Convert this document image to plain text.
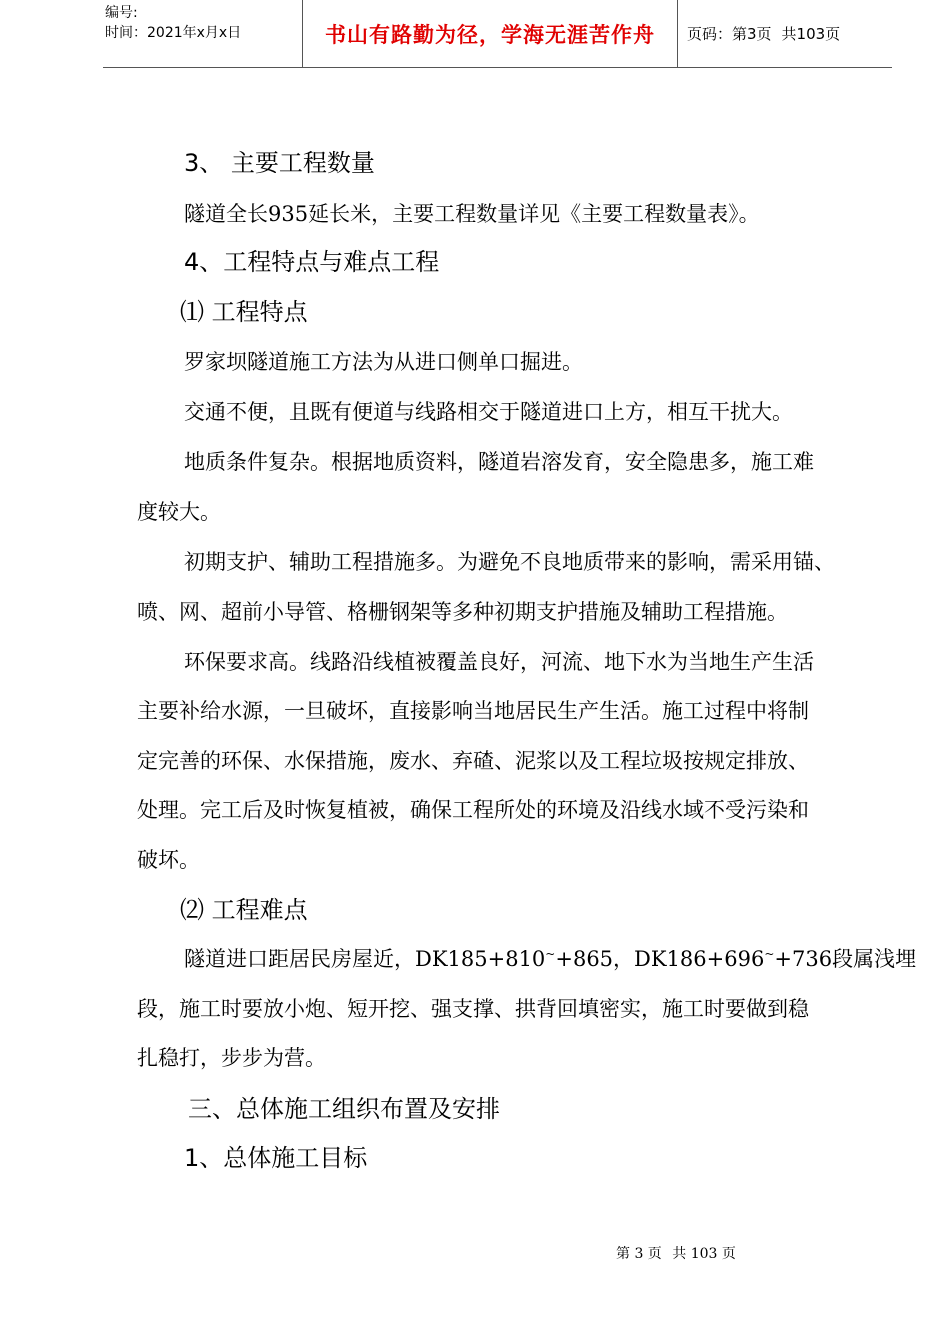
编号:
时间：2021年x月x日	书山有路勤为径，学海无涯苦作舟	页码：第3页 共103页
3、 主要工程数量
隧道全长935延长米，主要工程数量详见《主要工程数量表》。
4、工程特点与难点工程
⑴ 工程特点
罗家坝隧道施工方法为从进口侧单口掘进。
交通不便，且既有便道与线路相交于隧道进口上方，相互干扰大。
地质条件复杂。根据地质资料，隧道岩溶发育，安全隐患多，施工难
度较大。
初期支护、辅助工程措施多。为避免不良地质带来的影响，需采用锚、
喷、网、超前小导管、格栅钢架等多种初期支护措施及辅助工程措施。
环保要求高。线路沿线植被覆盖良好，河流、地下水为当地生产生活
主要补给水源，一旦破坏，直接影响当地居民生产生活。施工过程中将制
定完善的环保、水保措施，废水、弃碴、泥浆以及工程垃圾按规定排放、
处理。完工后及时恢复植被，确保工程所处的环境及沿线水域不受污染和
破坏。
⑵ 工程难点
隧道进口距居民房屋近，DK185+810~+865，DK186+696~+736段属浅埋
段，施工时要放小炮、短开挖、强支撑、拱背回填密实，施工时要做到稳
扎稳打，步步为营。
三、总体施工组织布置及安排
1、总体施工目标
第 3 页 共 103 页
